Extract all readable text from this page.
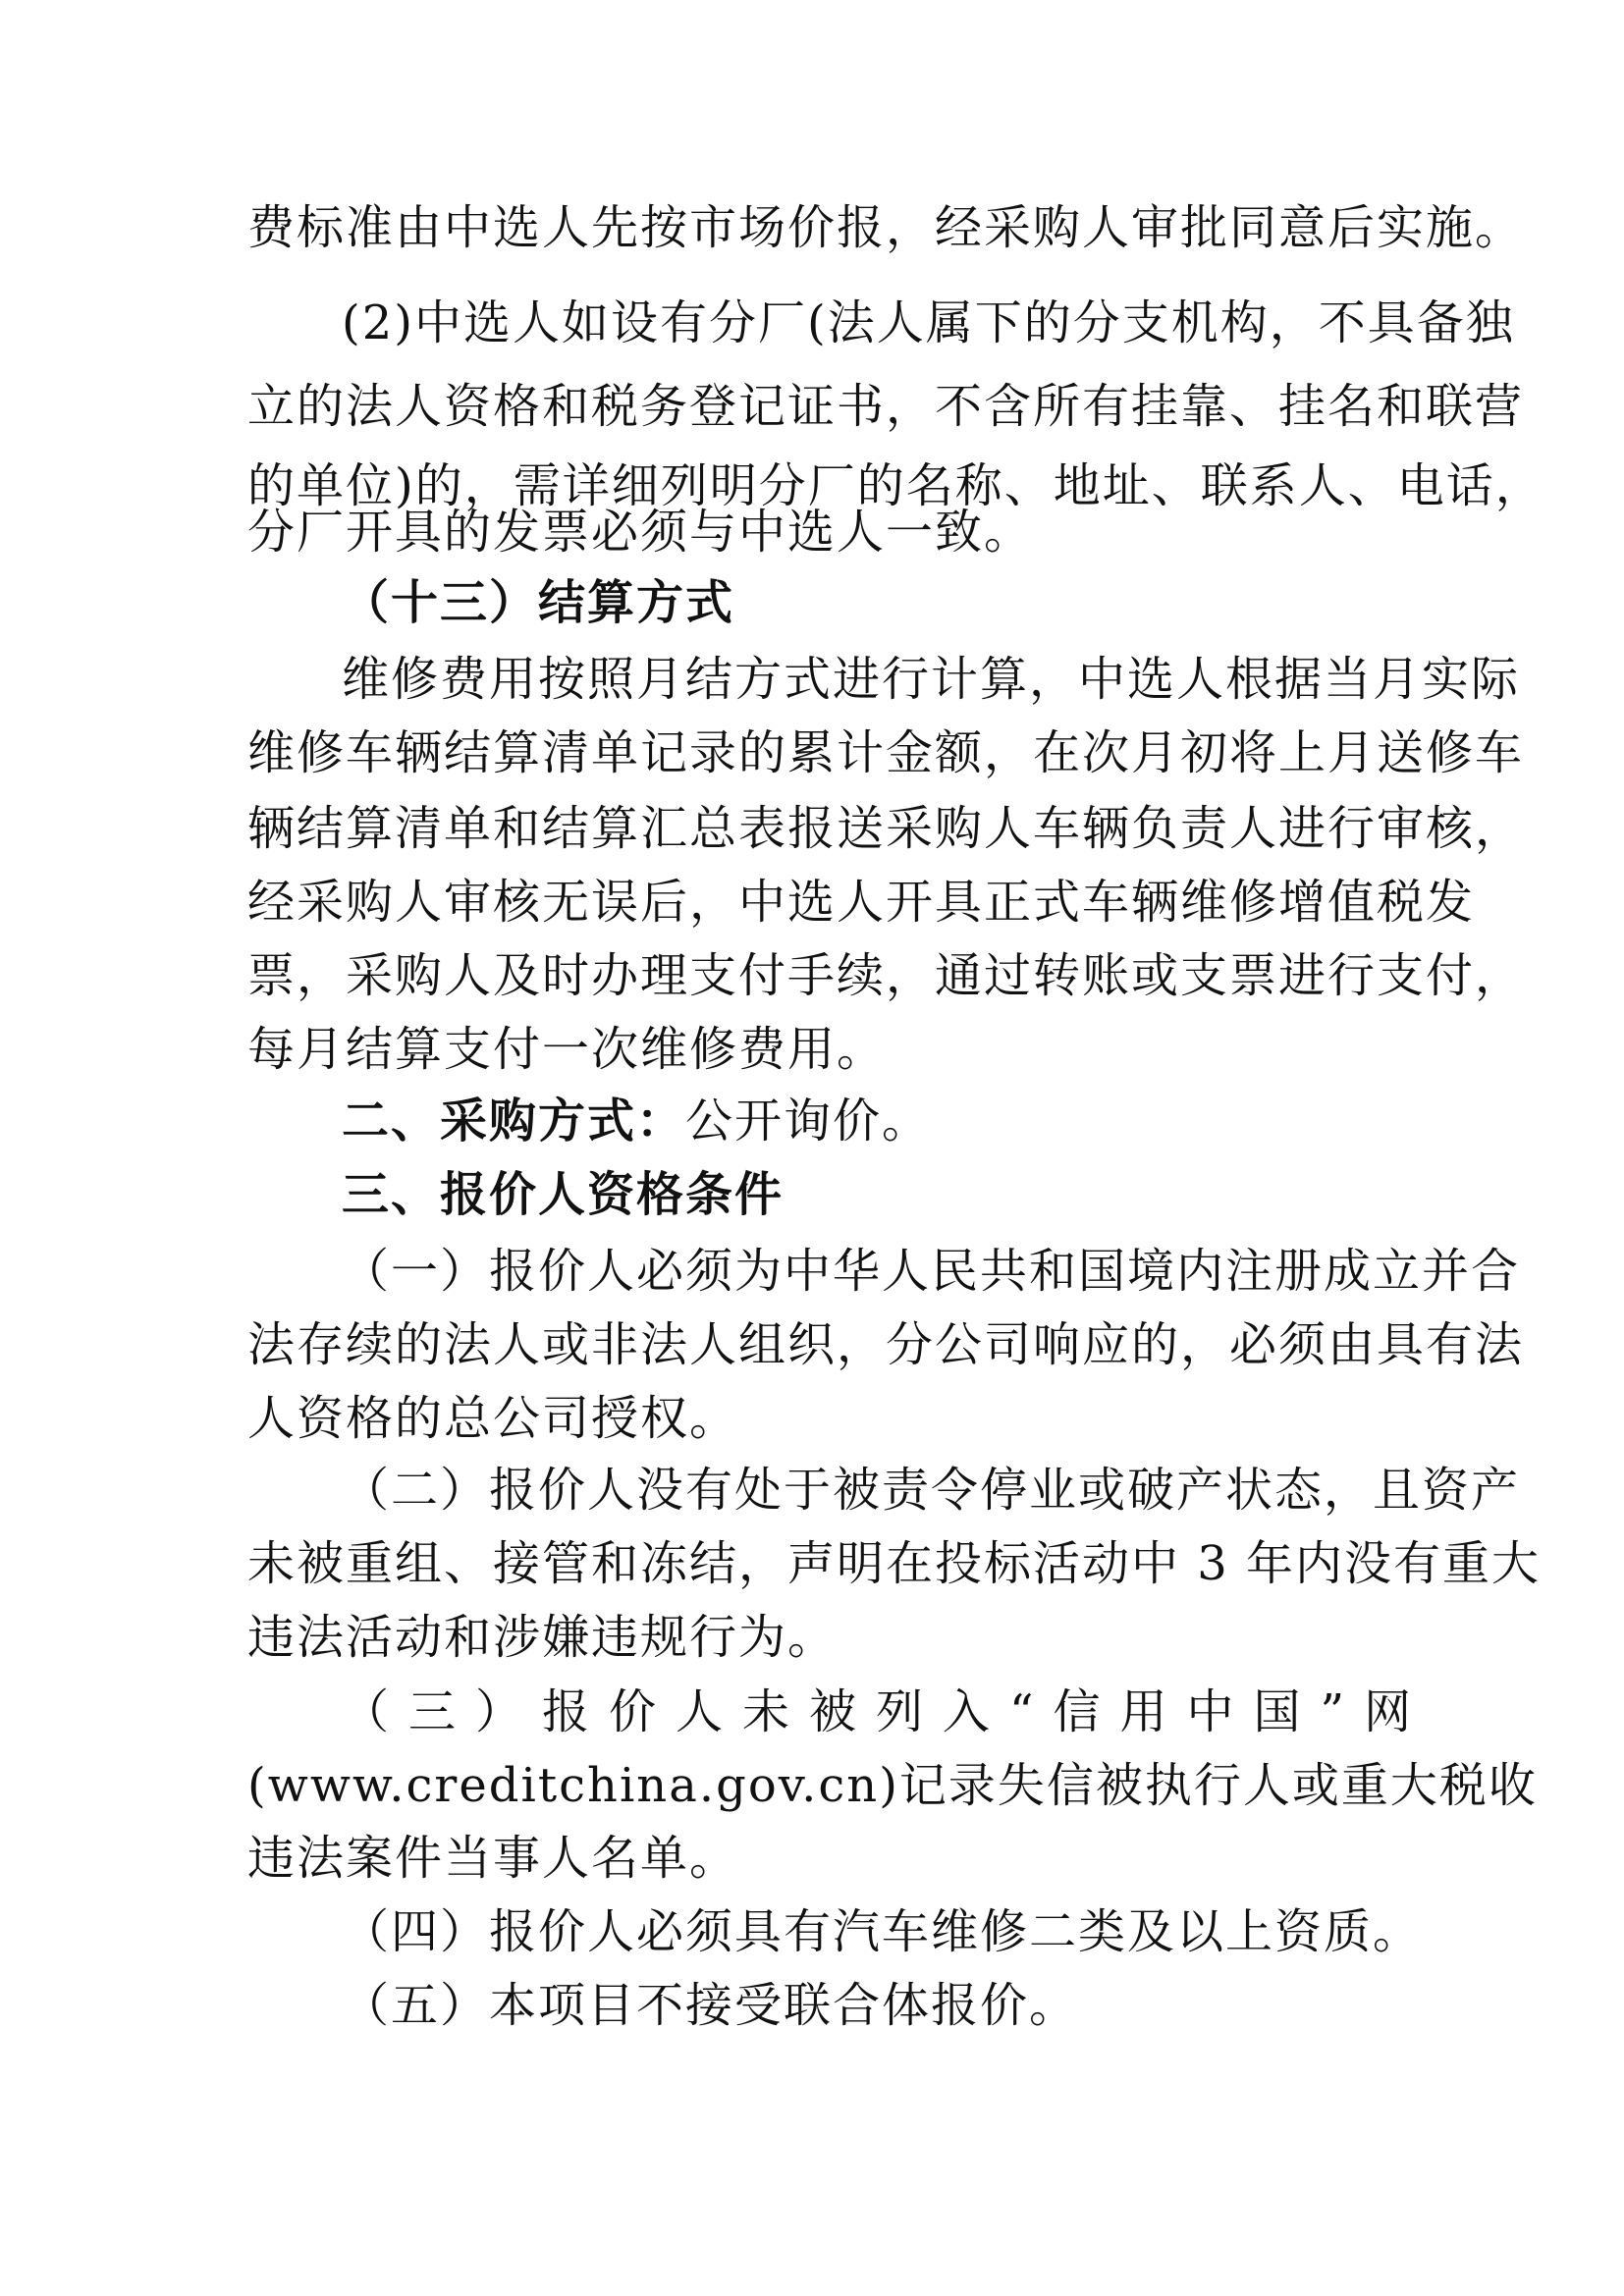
费标准由中选人先按市场价报，经采购人审批同意后实施。

(2)中选人如设有分厂(法人属下的分支机构，不具备独

立的法人资格和税务登记证书，不含所有挂靠、挂名和联营

的单位)的，需详细列明分厂的名称、地址、联系人、电话，

分厂开具的发票必须与中选人一致。

（十三）结算方式

维修费用按照月结方式进行计算，中选人根据当月实际

维修车辆结算清单记录的累计金额，在次月初将上月送修车

辆结算清单和结算汇总表报送采购人车辆负责人进行审核，

经采购人审核无误后，中选人开具正式车辆维修增值税发

票，采购人及时办理支付手续，通过转账或支票进行支付，

每月结算支付一次维修费用。

二、采购方式：公开询价。

三、报价人资格条件

（一）报价人必须为中华人民共和国境内注册成立并合

法存续的法人或非法人组织，分公司响应的，必须由具有法

人资格的总公司授权。

（二）报价人没有处于被责令停业或破产状态，且资产

未被重组、接管和冻结，声明在投标活动中 3 年内没有重大

违法活动和涉嫌违规行为。

（三）报价人未被列入“信用中国”网

(www.creditchina.gov.cn)记录失信被执行人或重大税收

违法案件当事人名单。

（四）报价人必须具有汽车维修二类及以上资质。

（五）本项目不接受联合体报价。
